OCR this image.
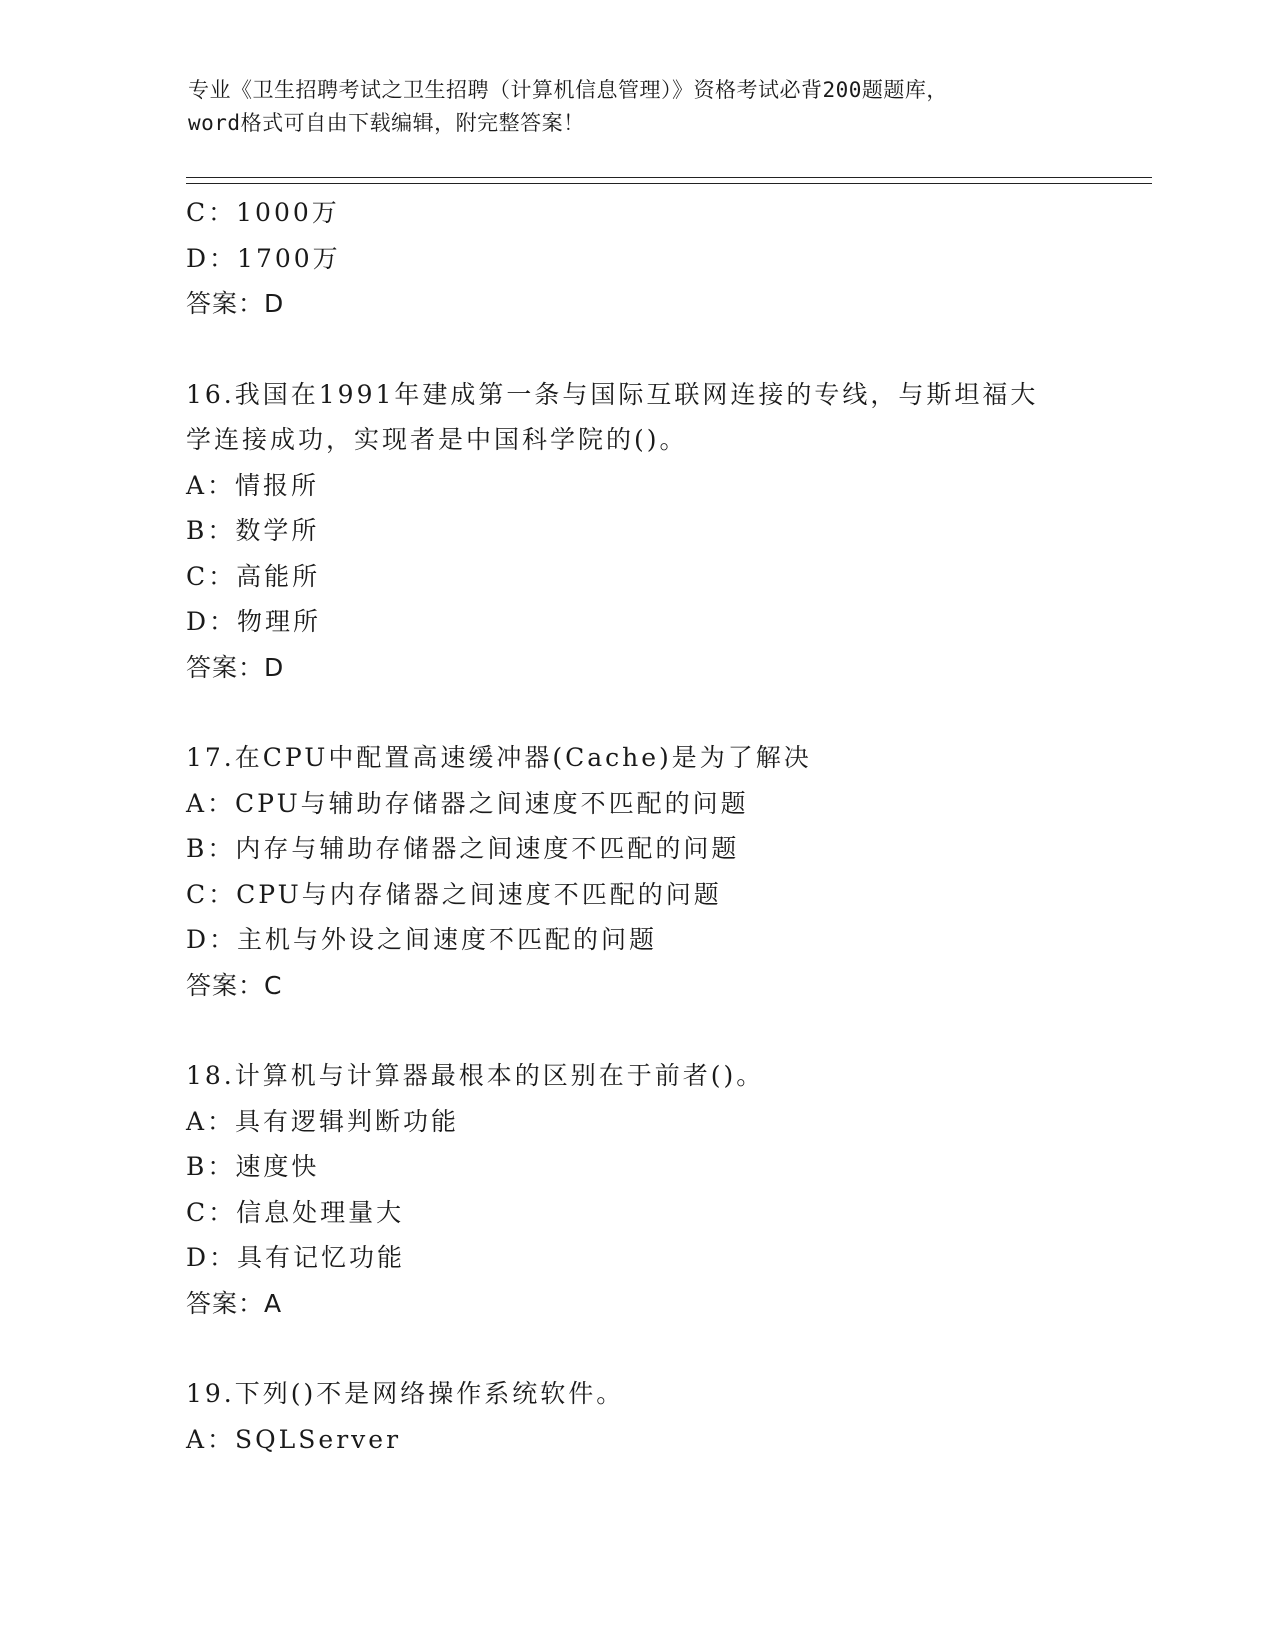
专业《卫生招聘考试之卫生招聘（计算机信息管理）》资格考试必背200题题库，
word格式可自由下载编辑，附完整答案！
C：1000万
D：1700万
答案：D
16.我国在1991年建成第一条与国际互联网连接的专线，与斯坦福大
学连接成功，实现者是中国科学院的()。
A：情报所
B：数学所
C：高能所
D：物理所
答案：D
17.在CPU中配置高速缓冲器(Cache)是为了解决
A：CPU与辅助存储器之间速度不匹配的问题
B：内存与辅助存储器之间速度不匹配的问题
C：CPU与内存储器之间速度不匹配的问题
D：主机与外设之间速度不匹配的问题
答案：C
18.计算机与计算器最根本的区别在于前者()。
A：具有逻辑判断功能
B：速度快
C：信息处理量大
D：具有记忆功能
答案：A
19.下列()不是网络操作系统软件。
A：SQLServer
